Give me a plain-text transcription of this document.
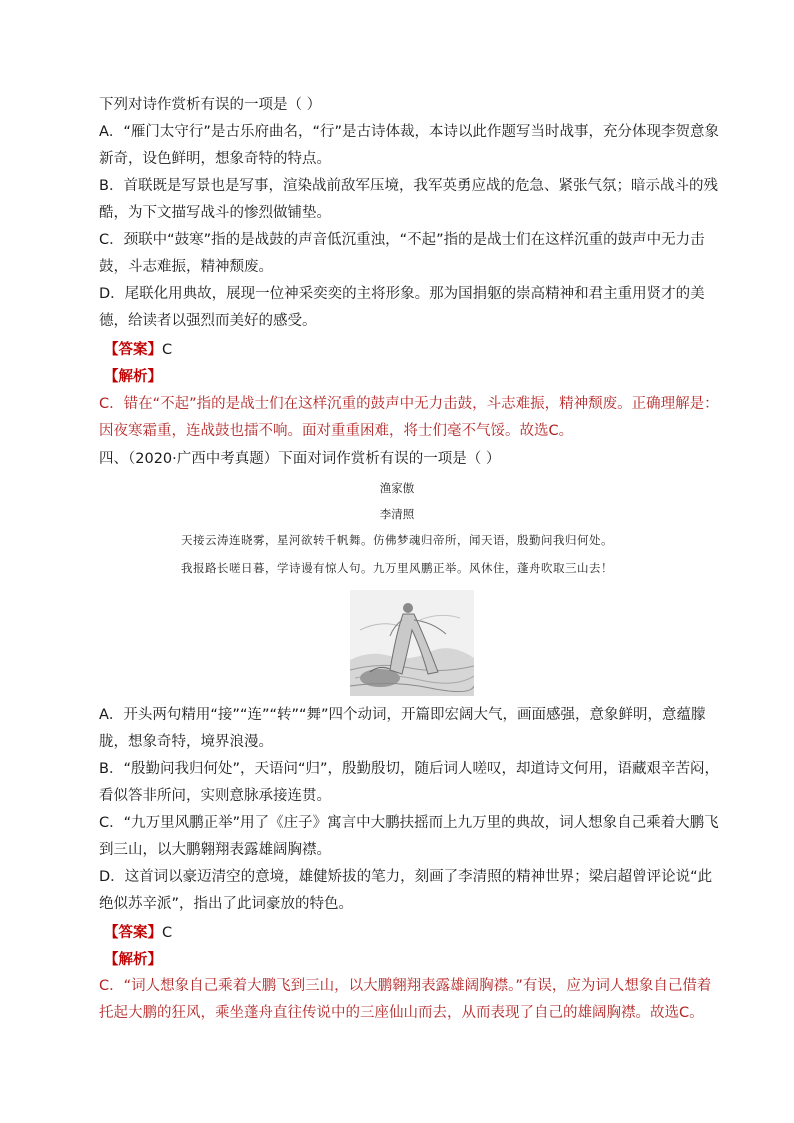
下列对诗作赏析有误的一项是（ ）

A．“雁门太守行”是古乐府曲名，“行”是古诗体裁，本诗以此作题写当时战事，充分体现李贺意象新奇，设色鲜明，想象奇特的特点。

B．首联既是写景也是写事，渲染战前敌军压境，我军英勇应战的危急、紧张气氛；暗示战斗的残酷，为下文描写战斗的惨烈做铺垫。

C．颈联中“鼓寒”指的是战鼓的声音低沉重浊，“不起”指的是战士们在这样沉重的鼓声中无力击鼓，斗志难振，精神颓废。

D．尾联化用典故，展现一位神采奕奕的主将形象。那为国捐躯的崇高精神和君主重用贤才的美德，给读者以强烈而美好的感受。

【答案】C
【解析】

C．错在“不起”指的是战士们在这样沉重的鼓声中无力击鼓，斗志难振，精神颓废。正确理解是：因夜寒霜重，连战鼓也擂不响。面对重重困难，将士们毫不气馁。故选C。

四、（2020·广西中考真题）下面对词作赏析有误的一项是（ ）

渔家傲
李清照
天接云涛连晓雾，星河欲转千帆舞。仿佛梦魂归帝所，闻天语，殷勤问我归何处。
我报路长嗟日暮，学诗谩有惊人句。九万里风鹏正举。风休住，蓬舟吹取三山去！

A．开头两句精用“接”“连”“转”“舞”四个动词，开篇即宏阔大气，画面感强，意象鲜明，意蕴朦胧，想象奇特，境界浪漫。

B．“殷勤问我归何处”，天语问“归”，殷勤殷切，随后词人嗟叹，却道诗文何用，语藏艰辛苦闷，看似答非所问，实则意脉承接连贯。

C．“九万里风鹏正举”用了《庄子》寓言中大鹏扶摇而上九万里的典故，词人想象自己乘着大鹏飞到三山，以大鹏翱翔表露雄阔胸襟。

D．这首词以豪迈清空的意境，雄健矫拔的笔力，刻画了李清照的精神世界；梁启超曾评论说“此绝似苏辛派”，指出了此词豪放的特色。

【答案】C
【解析】

C．“词人想象自己乘着大鹏飞到三山，以大鹏翱翔表露雄阔胸襟。”有误，应为词人想象自己借着托起大鹏的狂风，乘坐蓬舟直往传说中的三座仙山而去，从而表现了自己的雄阔胸襟。故选C。
